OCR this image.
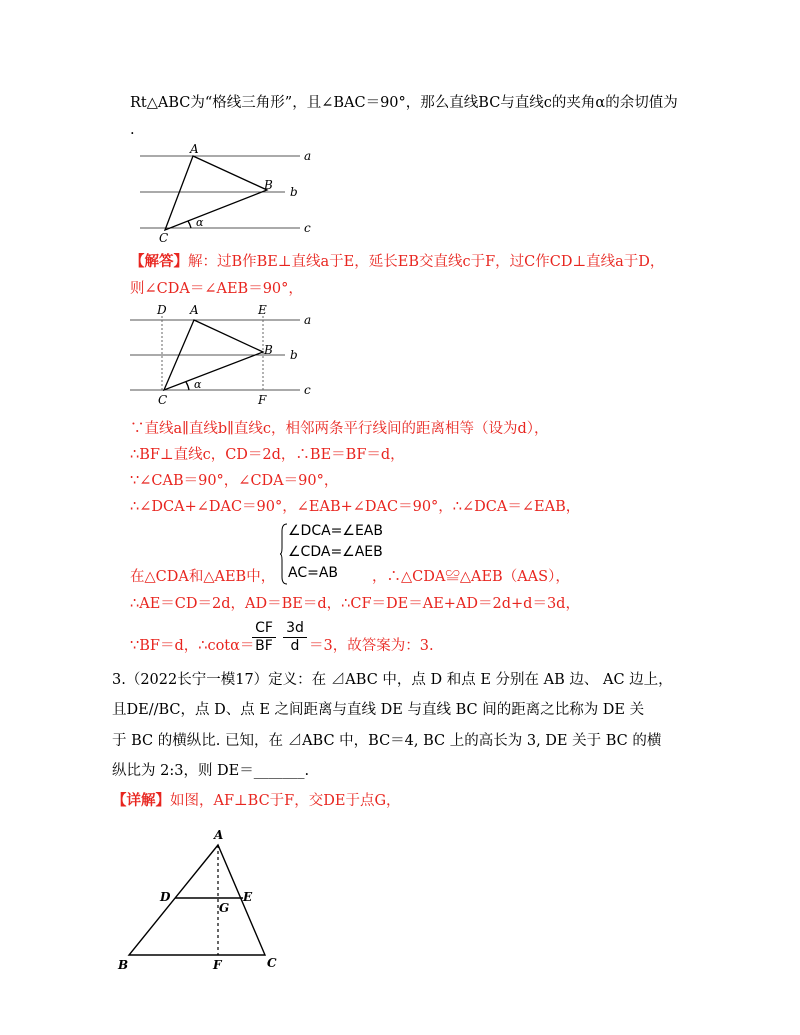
Rt△ABC为“格线三角形”，且∠BAC＝90°，那么直线BC与直线c的夹角α的余切值为
.
A
B
C
a
b
c
α
【解答】解：过B作BE⊥直线a于E，延长EB交直线c于F，过C作CD⊥直线a于D，
则∠CDA＝∠AEB＝90°，
D A	E
B
C	F
a
b
c
α
∵直线a∥直线b∥直线c，相邻两条平行线间的距离相等（设为d），
∴BF⊥直线c，CD＝2d，∴BE＝BF＝d，
∵∠CAB＝90°，∠CDA＝90°，
∴∠DCA+∠DAC＝90°，∠EAB+∠DAC＝90°，∴∠DCA＝∠EAB，
∠DCA=∠EAB
∠CDA=∠AEB
AC=AB
在△CDA和△AEB中，	，∴△CDA≌△AEB（AAS），
∴AE＝CD＝2d，AD＝BE＝d，∴CF＝DE＝AE+AD＝2d+d＝3d，
∵BF＝d，∴cotα＝
$\frac{CF}{BF} \frac{3d}{d} =3$，故答案为：3.
3.（2022长宁一模17）定义：在 ⊿ABC 中，点 D 和点 E 分别在 AB 边、 AC 边上，
且DE//BC，点 D、点 E 之间距离与直线 DE 与直线 BC 间的距离之比称为 DE 关
于 BC 的横纵比. 已知，在 ⊿ABC 中，BC＝4, BC 上的高长为 3, DE 关于 BC 的横
纵比为 2:3，则 DE＝_______.
【详解】如图，AF⊥BC于F，交DE于点G，
A
D	E
G
B	F	C
